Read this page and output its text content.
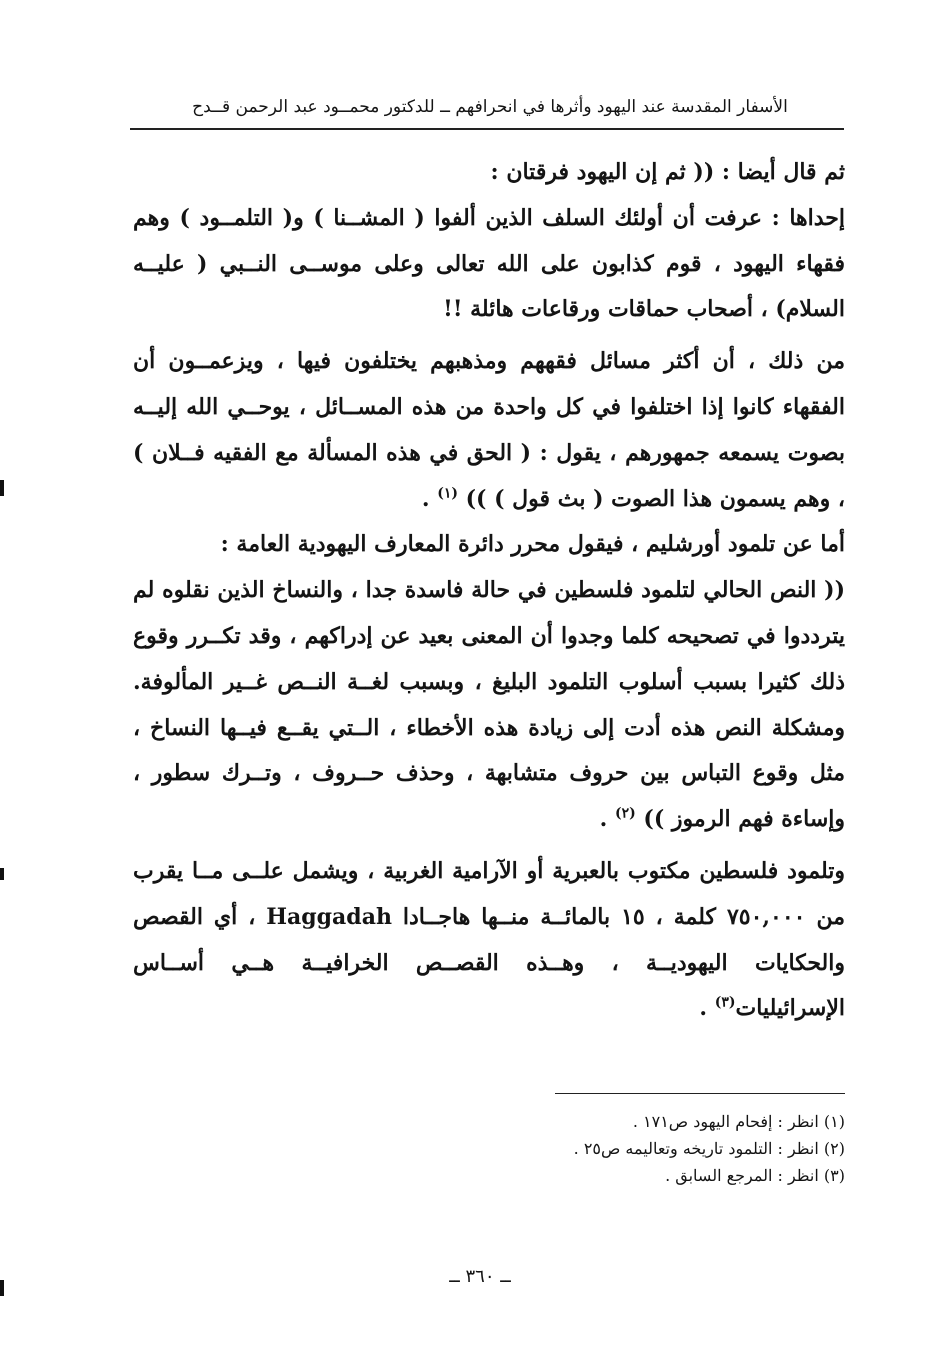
الأسفار المقدسة عند اليهود وأثرها في انحرافهم ــ للدكتور محمــود عبد الرحمن قــدح

ثم قال أيضا : (( ثم إن اليهود فرقتان :

إحداها : عرفت أن أولئك السلف الذين ألفوا ( المشــنا ) و( التلمــود ) وهم فقهاء اليهود ، قوم كذابون على الله تعالى وعلى موســى النــبي ( عليــه السلام) ، أصحاب حماقات ورقاعات هائلة !!

من ذلك ، أن أكثر مسائل فقههم ومذهبهم يختلفون فيها ، ويزعمــون أن الفقهاء كانوا إذا اختلفوا في كل واحدة من هذه المســائل ، يوحــي الله إليــه بصوت يسمعه جمهورهم ، يقول : ( الحق في هذه المسألة مع الفقيه فــلان ) ، وهم يسمون هذا الصوت ( بث قول ) )) $^{(١)}$ .

أما عن تلمود أورشليم ، فيقول محرر دائرة المعارف اليهودية العامة :

(( النص الحالي لتلمود فلسطين في حالة فاسدة جدا ، والنساخ الذين نقلوه لم يترددوا في تصحيحه كلما وجدوا أن المعنى بعيد عن إدراكهم ، وقد تكــرر وقوع ذلك كثيرا بسبب أسلوب التلمود البليغ ، وبسبب لغــة النــص غــير المألوفة. ومشكلة النص هذه أدت إلى زيادة هذه الأخطاء ، الــتي يقــع فيــها النساخ ، مثل وقوع التباس بين حروف متشابهة ، وحذف حــروف ، وتــرك سطور ، وإساءة فهم الرموز )) $^{(٢)}$ .

وتلمود فلسطين مكتوب بالعبرية أو الآرامية الغربية ، ويشمل علــى مــا يقرب من ٧٥٠,٠٠٠ كلمة ، ١٥ بالمائــة منــها هاجــادا Haggadah ، أي القصص والحكايات اليهوديــة ، وهــذه القصــص الخرافيــة هــي أســاس الإسرائيليات$^{(٣)}$ .

(١) انظر : إفحام اليهود ص١٧١ .
(٢) انظر : التلمود تاريخه وتعاليمه ص٢٥ .
(٣) انظر : المرجع السابق .
ــ ٣٦٠ ــ
